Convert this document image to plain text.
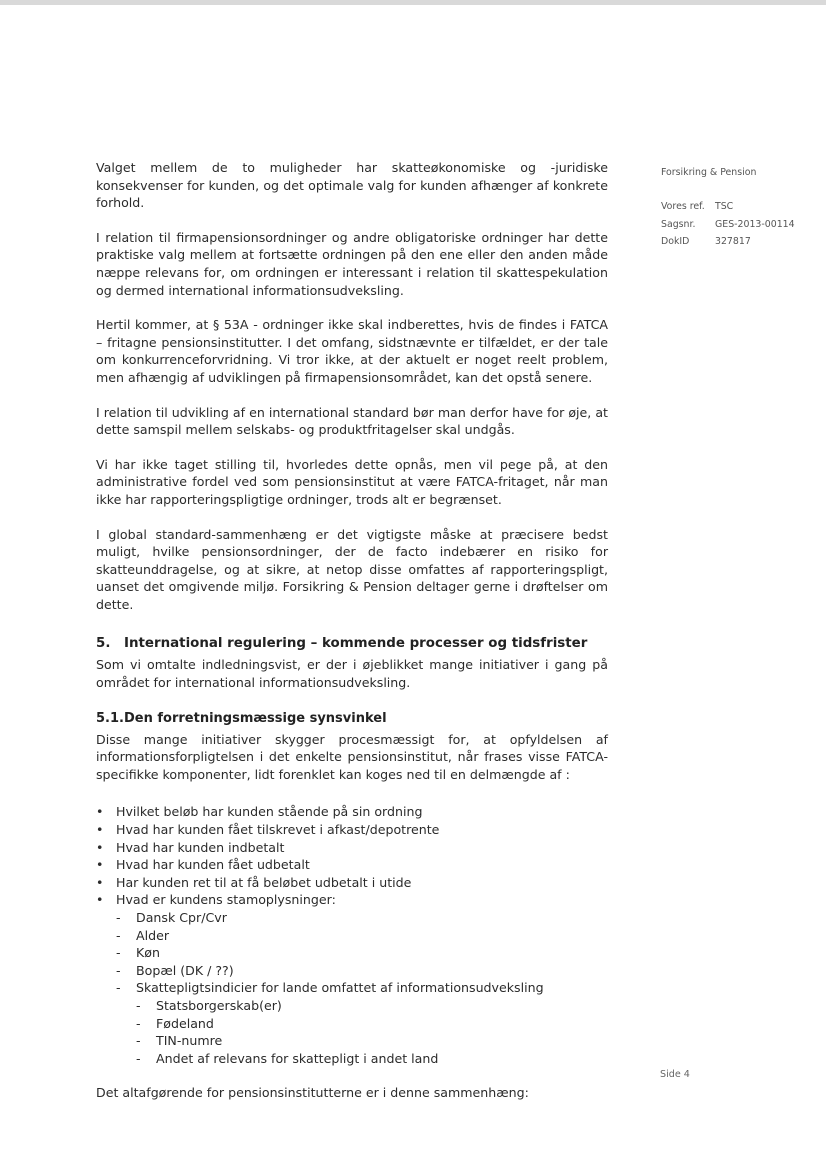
Valget mellem de to muligheder har skatteøkonomiske og -juridiske konsekvenser for kunden, og det optimale valg for kunden afhænger af konkrete forhold.

I relation til firmapensionsordninger og andre obligatoriske ordninger har dette praktiske valg mellem at fortsætte ordningen på den ene eller den anden måde næppe relevans for, om ordningen er interessant i relation til skattespekulation og dermed international informationsudveksling.

Hertil kommer, at § 53A - ordninger ikke skal indberettes, hvis de findes i FATCA – fritagne pensionsinstitutter. I det omfang, sidstnævnte er tilfældet, er der tale om konkurrenceforvridning. Vi tror ikke, at der aktuelt er noget reelt problem, men afhængig af udviklingen på firmapensionsområdet, kan det opstå senere.

I relation til udvikling af en international standard bør man derfor have for øje, at dette samspil mellem selskabs- og produktfritagelser skal undgås.

Vi har ikke taget stilling til, hvorledes dette opnås, men vil pege på, at den administrative fordel ved som pensionsinstitut at være FATCA-fritaget, når man ikke har rapporteringspligtige ordninger, trods alt er begrænset.

I global standard-sammenhæng er det vigtigste måske at præcisere bedst muligt, hvilke pensionsordninger, der de facto indebærer en risiko for skatteunddragelse, og at sikre, at netop disse omfattes af rapporteringspligt, uanset det omgivende miljø. Forsikring & Pension deltager gerne i drøftelser om dette.

5. International regulering – kommende processer og tidsfrister

Som vi omtalte indledningsvist, er der i øjeblikket mange initiativer i gang på området for international informationsudveksling.

5.1.Den forretningsmæssige synsvinkel

Disse mange initiativer skygger procesmæssigt for, at opfyldelsen af informationsforpligtelsen i det enkelte pensionsinstitut, når frases visse FATCA-specifikke komponenter, lidt forenklet kan koges ned til en delmængde af :

• Hvilket beløb har kunden stående på sin ordning
• Hvad har kunden fået tilskrevet i afkast/depotrente
• Hvad har kunden indbetalt
• Hvad har kunden fået udbetalt
• Har kunden ret til at få beløbet udbetalt i utide
• Hvad er kundens stamoplysninger:
- Dansk Cpr/Cvr
- Alder
- Køn
- Bopæl (DK / ??)
- Skattepligtsindicier for lande omfattet af informationsudveksling
- Statsborgerskab(er)
- Fødeland
- TIN-numre
- Andet af relevans for skattepligt i andet land

Det altafgørende for pensionsinstitutterne er i denne sammenhæng:

Forsikring & Pension
Vores ref.	TSC
Sagsnr.	GES-2013-00114
DokID	327817
Side 4
